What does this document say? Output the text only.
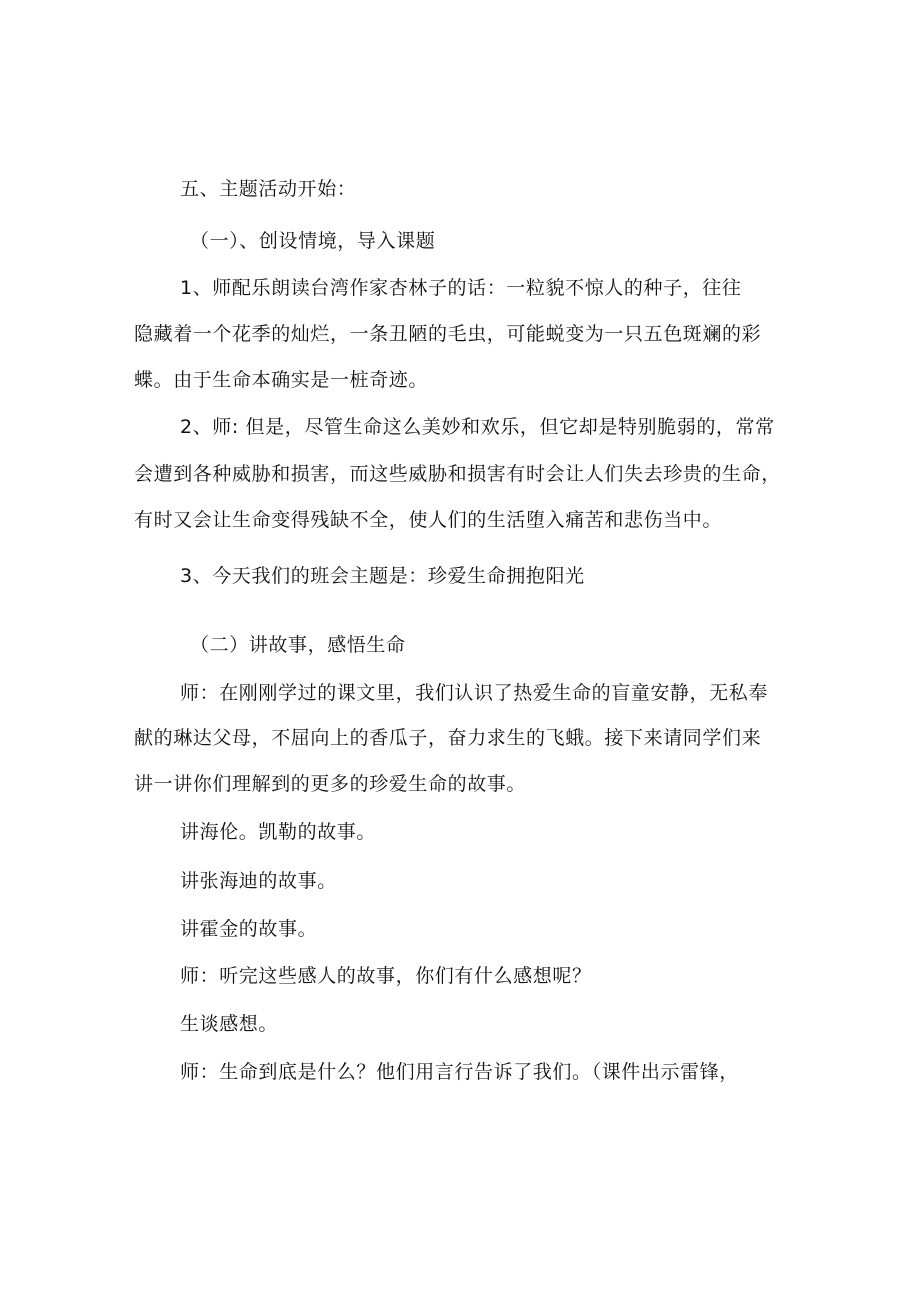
五、主题活动开始：
（一）、创设情境，导入课题
1、师配乐朗读台湾作家杏林子的话：一粒貌不惊人的种子，往往
隐藏着一个花季的灿烂，一条丑陋的毛虫，可能蜕变为一只五色斑斓的彩
蝶。由于生命本确实是一桩奇迹。
2、师: 但是，尽管生命这么美妙和欢乐，但它却是特别脆弱的，常常
会遭到各种威胁和损害，而这些威胁和损害有时会让人们失去珍贵的生命，
有时又会让生命变得残缺不全，使人们的生活堕入痛苦和悲伤当中。
3、今天我们的班会主题是：珍爱生命拥抱阳光
（二）讲故事，感悟生命
师：在刚刚学过的课文里，我们认识了热爱生命的盲童安静，无私奉
献的琳达父母，不屈向上的香瓜子，奋力求生的飞蛾。接下来请同学们来
讲一讲你们理解到的更多的珍爱生命的故事。
讲海伦。凯勒的故事。
讲张海迪的故事。
讲霍金的故事。
师：听完这些感人的故事，你们有什么感想呢？
生谈感想。
师：生命到底是什么？他们用言行告诉了我们。（课件出示雷锋，
